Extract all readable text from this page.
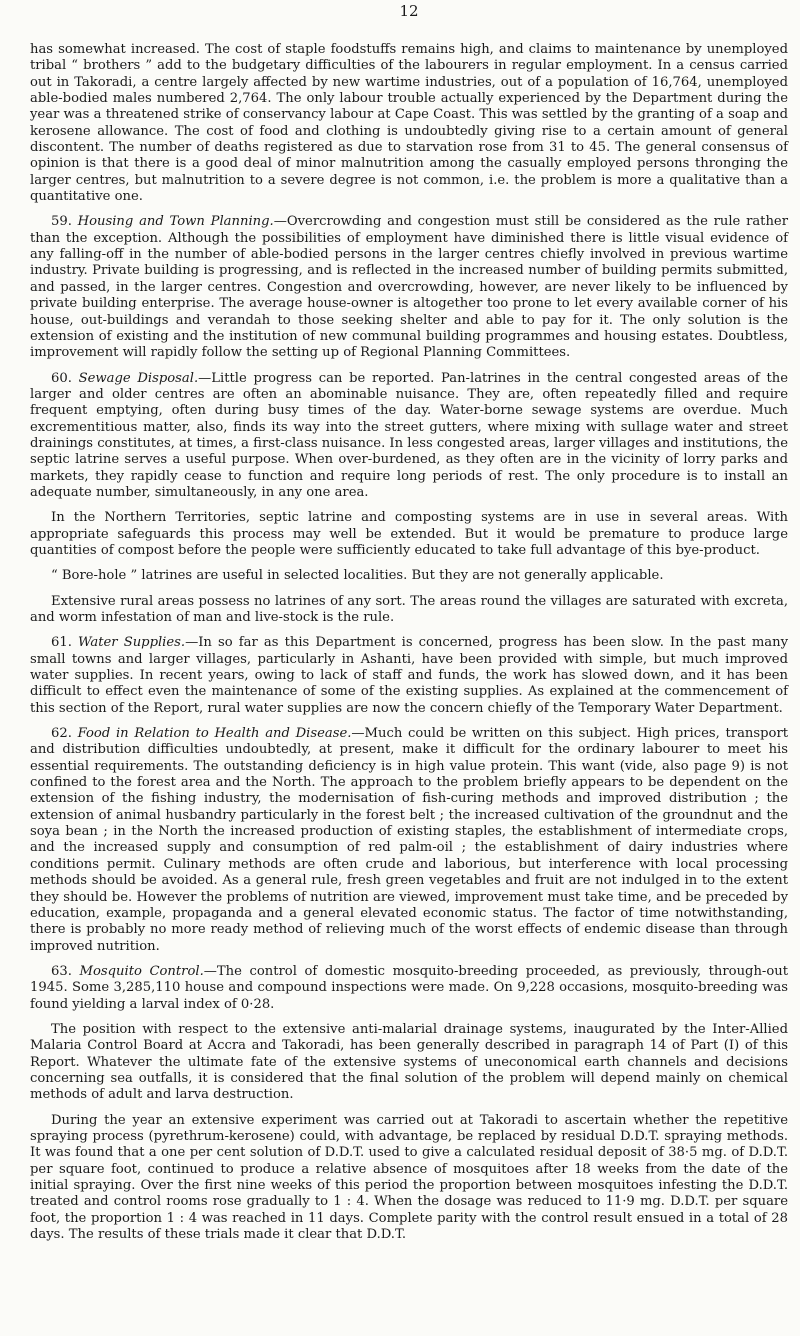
12

has somewhat increased. The cost of staple foodstuffs remains high, and claims to maintenance by unemployed tribal “ brothers ” add to the budgetary difficulties of the labourers in regular employment. In a census carried out in Takoradi, a centre largely affected by new wartime industries, out of a population of 16,764, unemployed able-bodied males numbered 2,764. The only labour trouble actually experienced by the Department during the year was a threatened strike of conservancy labour at Cape Coast. This was settled by the granting of a soap and kerosene allowance. The cost of food and clothing is undoubtedly giving rise to a certain amount of general discontent. The number of deaths registered as due to starvation rose from 31 to 45. The general consensus of opinion is that there is a good deal of minor malnutrition among the casually employed persons thronging the larger centres, but malnutrition to a severe degree is not common, i.e. the problem is more a qualitative than a quantitative one.

59. Housing and Town Planning.—Overcrowding and congestion must still be considered as the rule rather than the exception. Although the possibilities of employment have diminished there is little visual evidence of any falling-off in the number of able-bodied persons in the larger centres chiefly involved in previous wartime industry. Private building is progressing, and is reflected in the increased number of building permits submitted, and passed, in the larger centres. Congestion and overcrowding, however, are never likely to be influenced by private building enterprise. The average house-owner is altogether too prone to let every available corner of his house, out-buildings and verandah to those seeking shelter and able to pay for it. The only solution is the extension of existing and the institution of new communal building programmes and housing estates. Doubtless, improvement will rapidly follow the setting up of Regional Planning Committees.

60. Sewage Disposal.—Little progress can be reported. Pan-latrines in the central congested areas of the larger and older centres are often an abominable nuisance. They are, often repeatedly filled and require frequent emptying, often during busy times of the day. Water-borne sewage systems are overdue. Much excrementitious matter, also, finds its way into the street gutters, where mixing with sullage water and street drainings constitutes, at times, a first-class nuisance. In less congested areas, larger villages and institutions, the septic latrine serves a useful purpose. When over-burdened, as they often are in the vicinity of lorry parks and markets, they rapidly cease to function and require long periods of rest. The only procedure is to install an adequate number, simultaneously, in any one area.

In the Northern Territories, septic latrine and composting systems are in use in several areas. With appropriate safeguards this process may well be extended. But it would be premature to produce large quantities of compost before the people were sufficiently educated to take full advantage of this bye-product.

“ Bore-hole ” latrines are useful in selected localities. But they are not generally applicable.

Extensive rural areas possess no latrines of any sort. The areas round the villages are saturated with excreta, and worm infestation of man and live-stock is the rule.

61. Water Supplies.—In so far as this Department is concerned, progress has been slow. In the past many small towns and larger villages, particularly in Ashanti, have been provided with simple, but much improved water supplies. In recent years, owing to lack of staff and funds, the work has slowed down, and it has been difficult to effect even the maintenance of some of the existing supplies. As explained at the commencement of this section of the Report, rural water supplies are now the concern chiefly of the Temporary Water Department.

62. Food in Relation to Health and Disease.—Much could be written on this subject. High prices, transport and distribution difficulties undoubtedly, at present, make it difficult for the ordinary labourer to meet his essential requirements. The outstanding deficiency is in high value protein. This want (vide, also page 9) is not confined to the forest area and the North. The approach to the problem briefly appears to be dependent on the extension of the fishing industry, the modernisation of fish-curing methods and improved distribution ; the extension of animal husbandry particularly in the forest belt ; the increased cultivation of the groundnut and the soya bean ; in the North the increased production of existing staples, the establishment of intermediate crops, and the increased supply and consumption of red palm-oil ; the establishment of dairy industries where conditions permit. Culinary methods are often crude and laborious, but interference with local processing methods should be avoided. As a general rule, fresh green vegetables and fruit are not indulged in to the extent they should be. However the problems of nutrition are viewed, improvement must take time, and be preceded by education, example, propaganda and a general elevated economic status. The factor of time notwithstanding, there is probably no more ready method of relieving much of the worst effects of endemic disease than through improved nutrition.

63. Mosquito Control.—The control of domestic mosquito-breeding proceeded, as previously, through-out 1945. Some 3,285,110 house and compound inspections were made. On 9,228 occasions, mosquito-breeding was found yielding a larval index of 0·28.

The position with respect to the extensive anti-malarial drainage systems, inaugurated by the Inter-Allied Malaria Control Board at Accra and Takoradi, has been generally described in paragraph 14 of Part (I) of this Report. Whatever the ultimate fate of the extensive systems of uneconomical earth channels and decisions concerning sea outfalls, it is considered that the final solution of the problem will depend mainly on chemical methods of adult and larva destruction.

During the year an extensive experiment was carried out at Takoradi to ascertain whether the repetitive spraying process (pyrethrum-kerosene) could, with advantage, be replaced by residual D.D.T. spraying methods. It was found that a one per cent solution of D.D.T. used to give a calculated residual deposit of 38·5 mg. of D.D.T. per square foot, continued to produce a relative absence of mosquitoes after 18 weeks from the date of the initial spraying. Over the first nine weeks of this period the proportion between mosquitoes infesting the D.D.T. treated and control rooms rose gradually to 1 : 4. When the dosage was reduced to 11·9 mg. D.D.T. per square foot, the proportion 1 : 4 was reached in 11 days. Complete parity with the control result ensued in a total of 28 days. The results of these trials made it clear that D.D.T.
